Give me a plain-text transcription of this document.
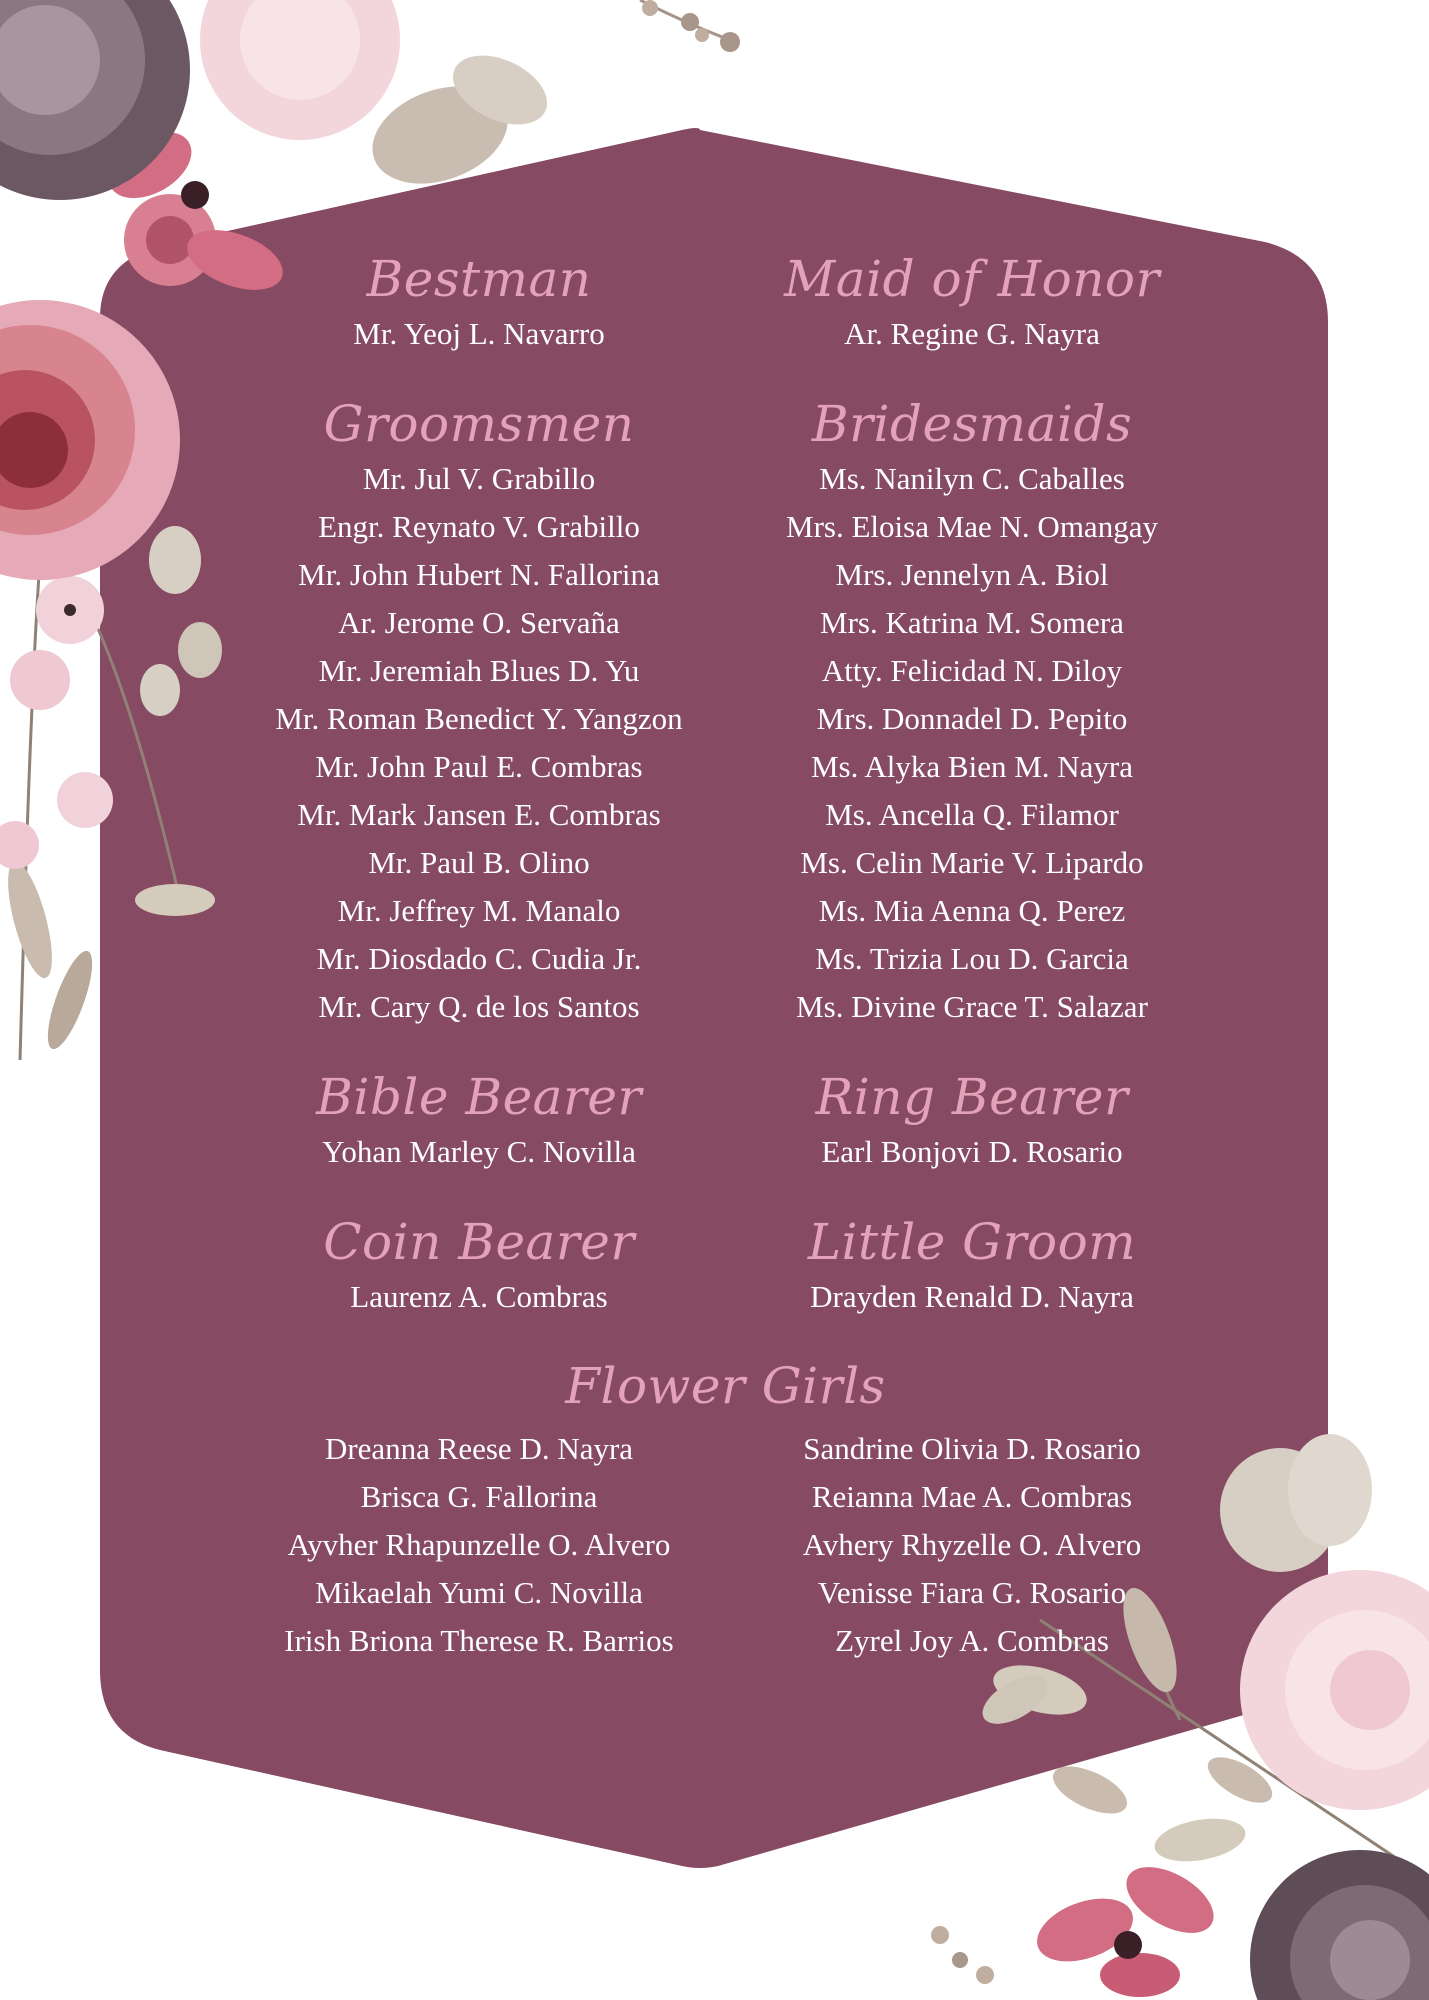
Bestman
Mr. Yeoj L. Navarro
Maid of Honor
Ar. Regine G. Nayra
Groomsmen
Mr. Jul V. Grabillo
Engr. Reynato V. Grabillo
Mr. John Hubert N. Fallorina
Ar. Jerome O. Servaña
Mr. Jeremiah Blues D. Yu
Mr. Roman Benedict Y. Yangzon
Mr. John Paul E. Combras
Mr. Mark Jansen E. Combras
Mr. Paul B. Olino
Mr. Jeffrey M. Manalo
Mr. Diosdado C. Cudia Jr.
Mr. Cary Q. de los Santos
Bridesmaids
Ms. Nanilyn C. Caballes
Mrs. Eloisa Mae N. Omangay
Mrs. Jennelyn A. Biol
Mrs. Katrina M. Somera
Atty. Felicidad N. Diloy
Mrs. Donnadel D. Pepito
Ms. Alyka Bien M. Nayra
Ms. Ancella Q. Filamor
Ms. Celin Marie V. Lipardo
Ms. Mia Aenna Q. Perez
Ms. Trizia Lou D. Garcia
Ms. Divine Grace T. Salazar
Bible Bearer
Yohan Marley C. Novilla
Ring Bearer
Earl Bonjovi D. Rosario
Coin Bearer
Laurenz A. Combras
Little Groom
Drayden Renald D. Nayra
Flower Girls
Dreanna Reese D. Nayra
Brisca G. Fallorina
Ayvher Rhapunzelle O. Alvero
Mikaelah Yumi C. Novilla
Irish Briona Therese R. Barrios
Sandrine Olivia D. Rosario
Reianna Mae A. Combras
Avhery Rhyzelle O. Alvero
Venisse Fiara G. Rosario
Zyrel Joy A. Combras
